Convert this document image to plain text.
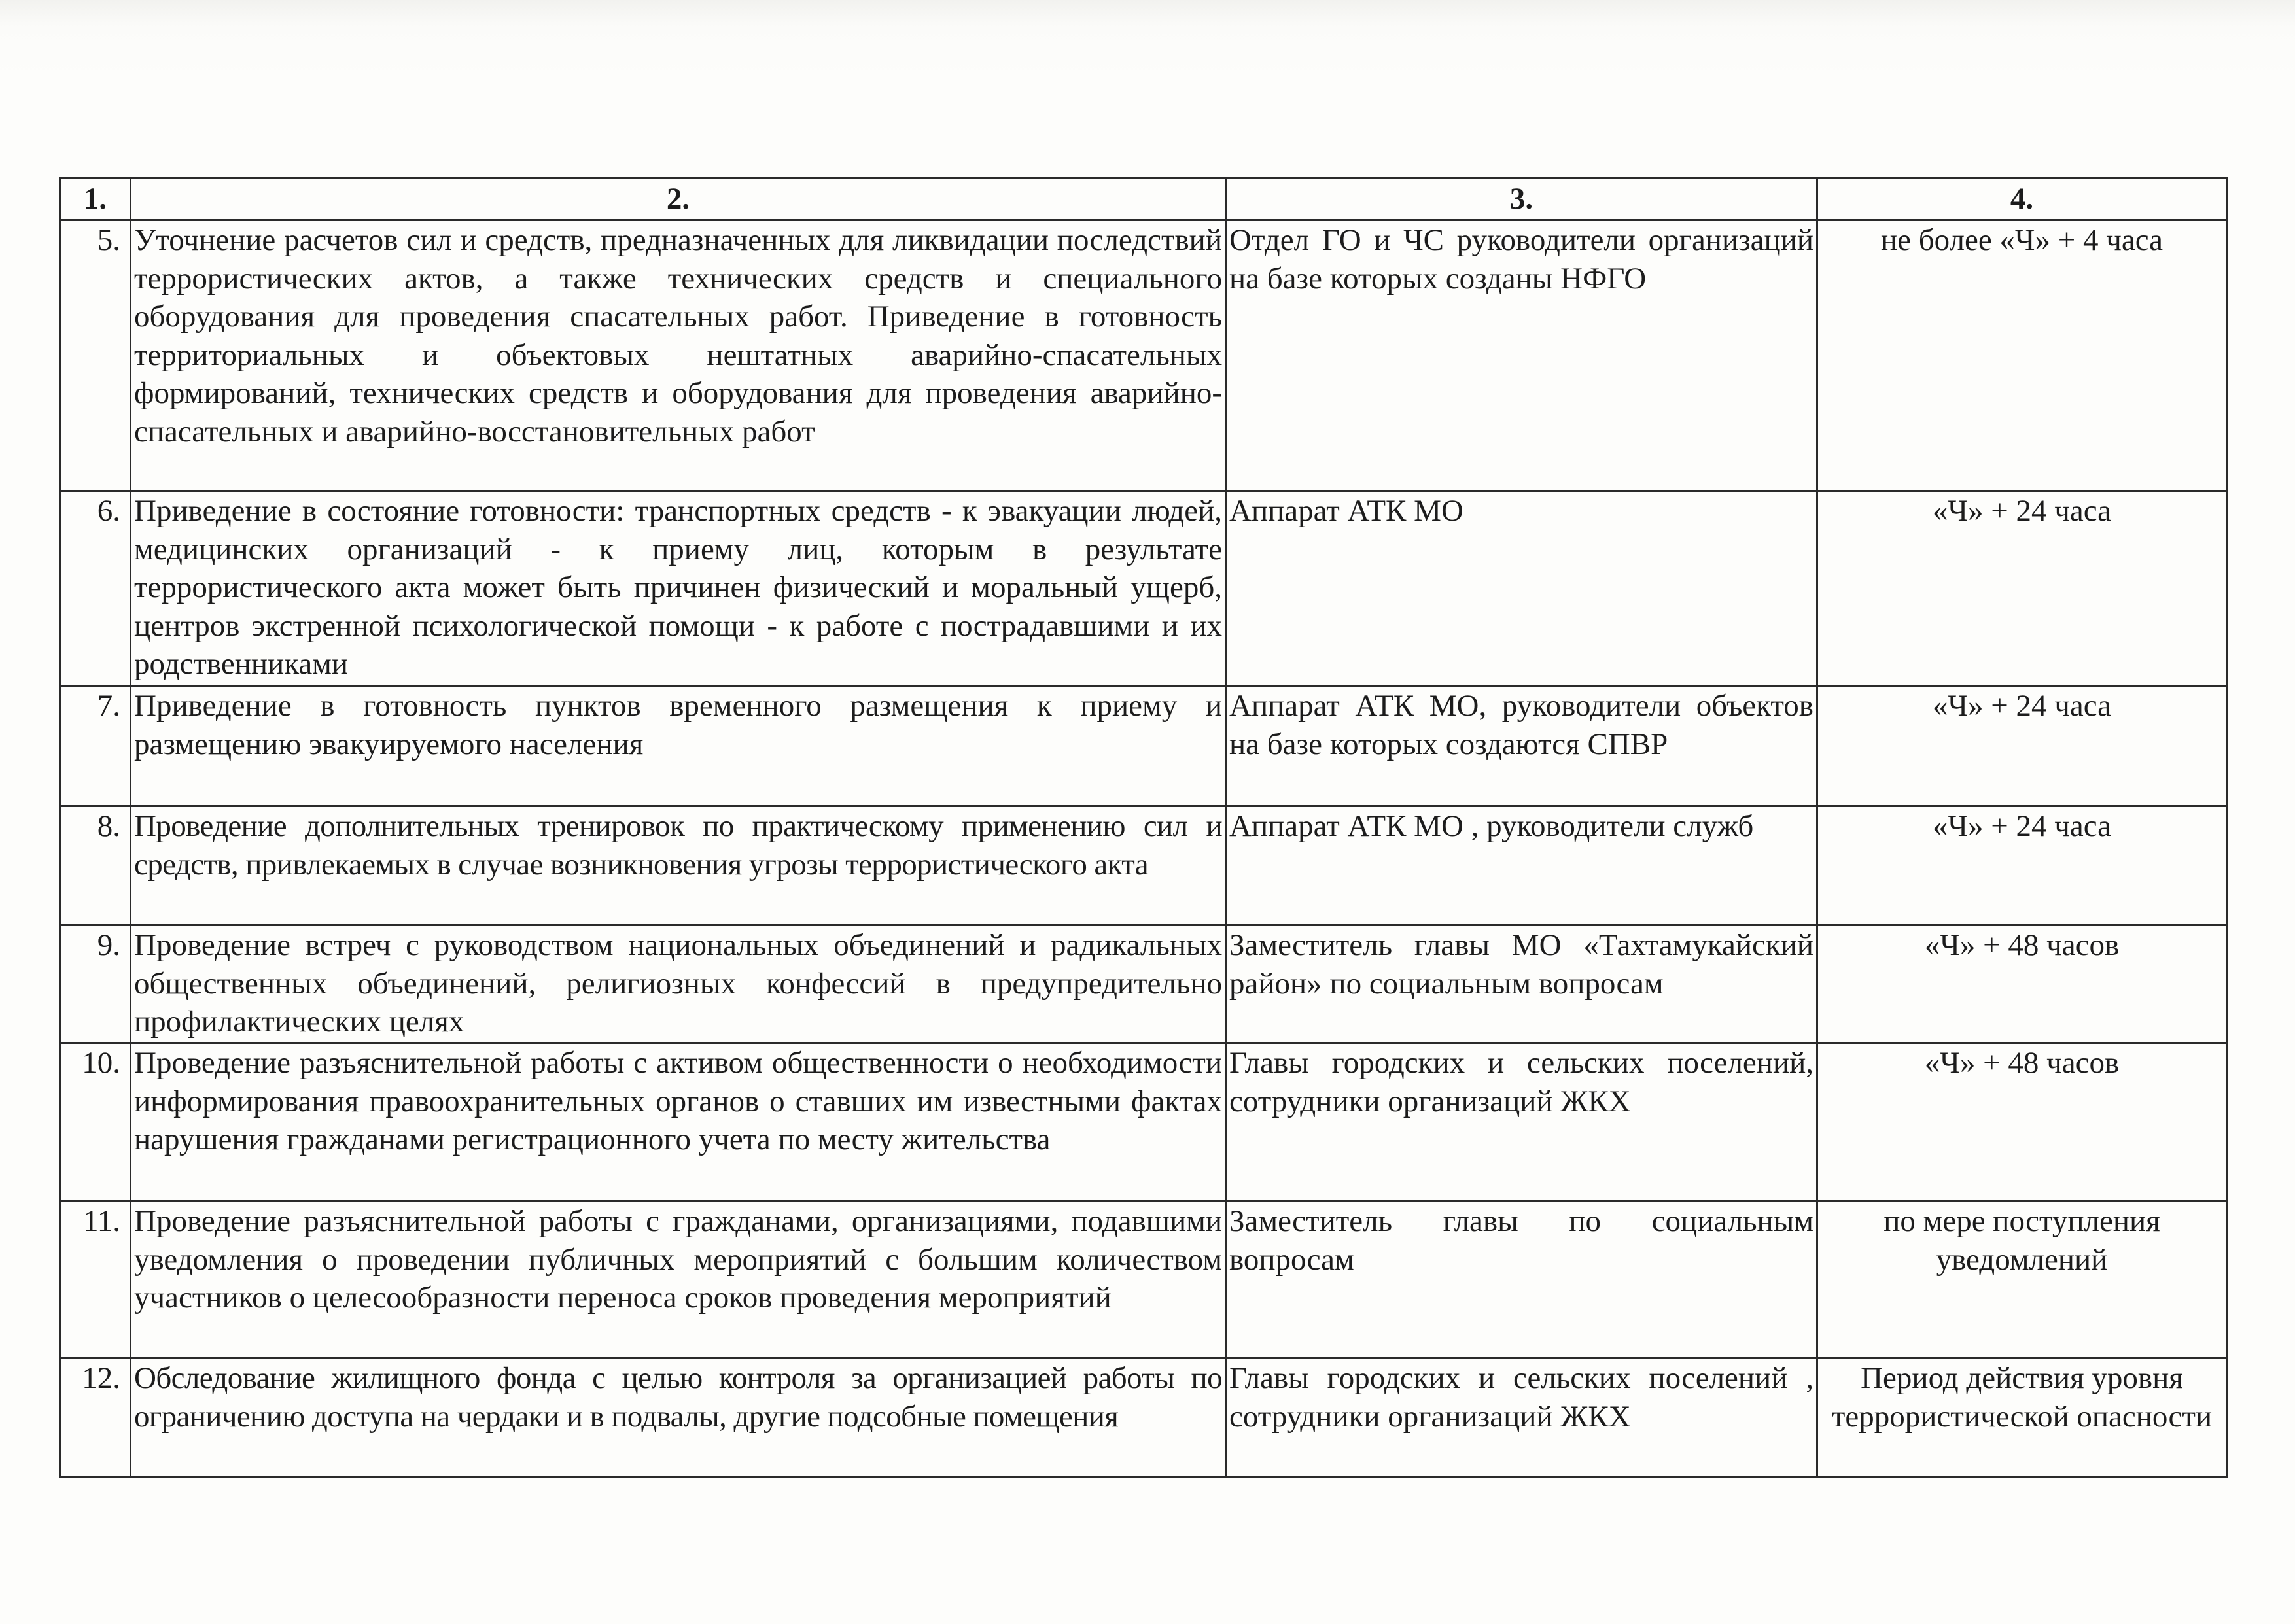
1.	2.	3.	4.
5.	Уточнение расчетов сил и средств, предназначенных для ликвидации последствий террористических актов, а также технических средств и специального оборудования для проведения спасательных работ. Приведение в готовность территориальных и объектовых нештатных аварийно-спасательных формирований, технических средств и оборудования для проведения аварийно-спасательных и аварийно-восстановительных работ	Отдел ГО и ЧС руководители организаций на базе которых созданы НФГО	не более «Ч» + 4 часа
6.	Приведение в состояние готовности: транспортных средств - к эвакуации людей, медицинских организаций - к приему лиц, которым в результате террористического акта может быть причинен физический и моральный ущерб, центров экстренной психологической помощи - к работе с пострадавшими и их родственниками	Аппарат АТК МО	«Ч» + 24 часа
7.	Приведение в готовность пунктов временного размещения к приему и размещению эвакуируемого населения	Аппарат АТК МО, руководители объектов на базе которых создаются СПВР	«Ч» + 24 часа
8.	Проведение дополнительных тренировок по практическому применению сил и средств, привлекаемых в случае возникновения угрозы террористического акта	Аппарат АТК МО , руководители служб	«Ч» + 24 часа
9.	Проведение встреч с руководством национальных объединений и радикальных общественных объединений, религиозных конфессий в предупредительно профилактических целях	Заместитель главы МО «Тахтамукайский район» по социальным вопросам	«Ч» + 48 часов
10.	Проведение разъяснительной работы с активом общественности о необходимости информирования правоохранительных органов о ставших им известными фактах нарушения гражданами регистрационного учета по месту жительства	Главы городских и сельских поселений, сотрудники организаций ЖКХ	«Ч» + 48 часов
11.	Проведение разъяснительной работы с гражданами, организациями, подавшими уведомления о проведении публичных мероприятий с большим количеством участников о целесообразности переноса сроков проведения мероприятий	Заместитель главы по социальным вопросам	по мере поступления уведомлений
12.	Обследование жилищного фонда с целью контроля за организацией работы по ограничению доступа на чердаки и в подвалы, другие подсобные помещения	Главы городских и сельских поселений , сотрудники организаций ЖКХ	Период действия уровня террористической опасности
